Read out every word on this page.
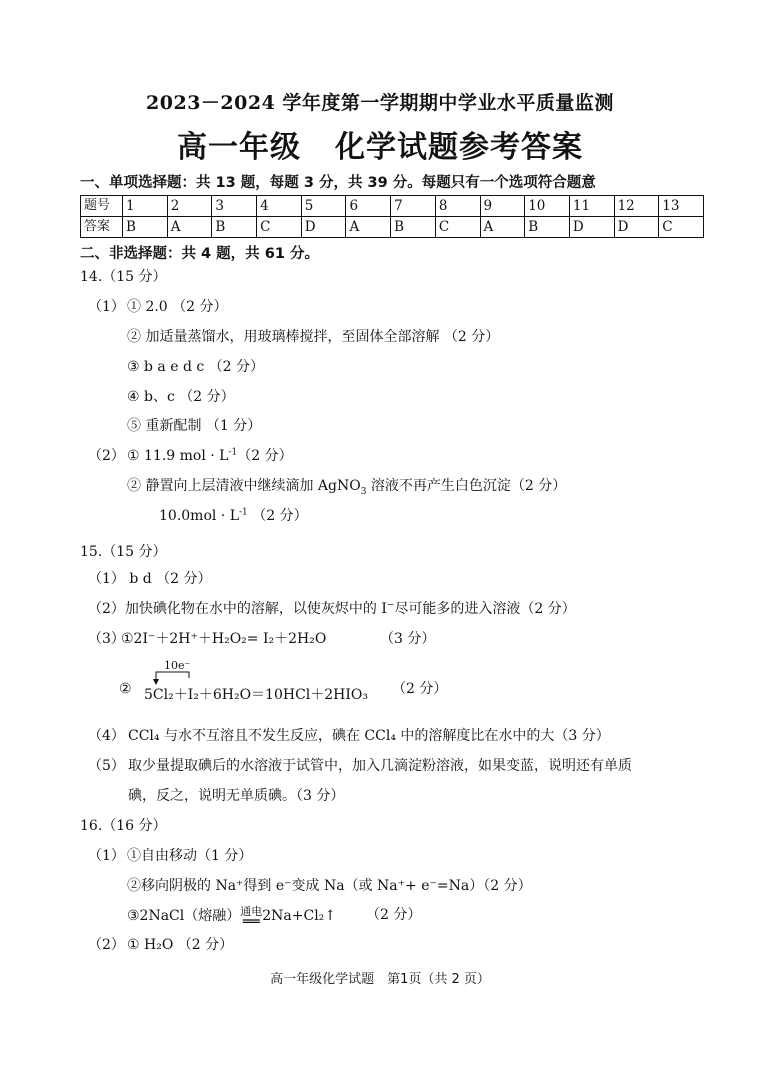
2023－2024 学年度第一学期期中学业水平质量监测
高一年级 化学试题参考答案
一、单项选择题：共 13 题，每题 3 分，共 39 分。每题只有一个选项符合题意
题号	1	2	3	4	5	6	7	8	9	10	11	12	13
答案	B	A	B	C	D	A	B	C	A	B	D	D	C
二、非选择题：共 4 题，共 61 分。
14.（15 分）
（1） ① 2.0 （2 分）
② 加适量蒸馏水，用玻璃棒搅拌，至固体全部溶解 （2 分）
③ b a e d c （2 分）
④ b、c （2 分）
⑤ 重新配制 （1 分）
（2） ① 11.9 mol · $L^{-1}(2$ 分）
② 静置向上层清液中继续滴加 AgNO$_3$ 溶液不再产生白色沉淀（2 分）
$10.0mol \cdot L^{-1}$ （2 分）
15.（15 分）
（1） b d （2 分）
（2）加快碘化物在水中的溶解，以使灰烬中的 I−尽可能多的进入溶液（2 分）
（3）
①2I⁻＋2H⁺＋H₂O₂= I₂＋2H₂O	（3 分）
②
10e⁻
5Cl₂＋I₂＋6H₂O＝10HCl＋2HIO₃ （2 分）
（4） CCl₄ 与水不互溶且不发生反应，碘在 CCl₄ 中的溶解度比在水中的大（3 分）
（5） 取少量提取碘后的水溶液于试管中，加入几滴淀粉溶液，如果变蓝，说明还有单质
碘，反之，说明无单质碘。（3 分）
16.（16 分）
（1） ①自由移动（1 分）
②移向阴极的 Na⁺得到 e⁻变成 Na（或 Na⁺+ e⁻=Na）（2 分）
③2NaCl（熔融） 通电
══ 2Na+Cl₂↑ （2 分）
（2） ① H₂O （2 分）
高一年级化学试题　第1页（共 2 页）
